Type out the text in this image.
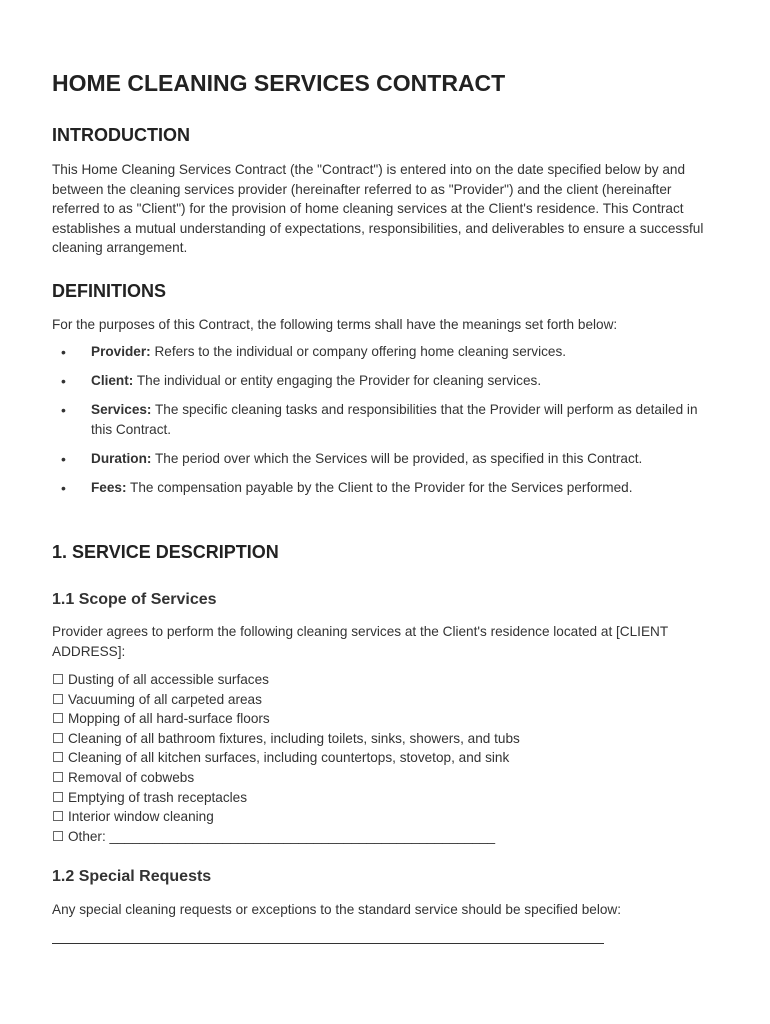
HOME CLEANING SERVICES CONTRACT
INTRODUCTION

This Home Cleaning Services Contract (the "Contract") is entered into on the date specified below by and between the cleaning services provider (hereinafter referred to as "Provider") and the client (hereinafter referred to as "Client") for the provision of home cleaning services at the Client's residence. This Contract establishes a mutual understanding of expectations, responsibilities, and deliverables to ensure a successful cleaning arrangement.

DEFINITIONS

For the purposes of this Contract, the following terms shall have the meanings set forth below:

• Provider: Refers to the individual or company offering home cleaning services.
• Client: The individual or entity engaging the Provider for cleaning services.
• Services: The specific cleaning tasks and responsibilities that the Provider will perform as detailed in this Contract.
• Duration: The period over which the Services will be provided, as specified in this Contract.
• Fees: The compensation payable by the Client to the Provider for the Services performed.
1. SERVICE DESCRIPTION
1.1 Scope of Services

Provider agrees to perform the following cleaning services at the Client's residence located at [CLIENT ADDRESS]:

☐ Dusting of all accessible surfaces
☐ Vacuuming of all carpeted areas
☐ Mopping of all hard-surface floors
☐ Cleaning of all bathroom fixtures, including toilets, sinks, showers, and tubs
☐ Cleaning of all kitchen surfaces, including countertops, stovetop, and sink
☐ Removal of cobwebs
☐ Emptying of trash receptacles
☐ Interior window cleaning
☐ Other: ___________________________________________________
1.2 Special Requests

Any special cleaning requests or exceptions to the standard service should be specified below:
